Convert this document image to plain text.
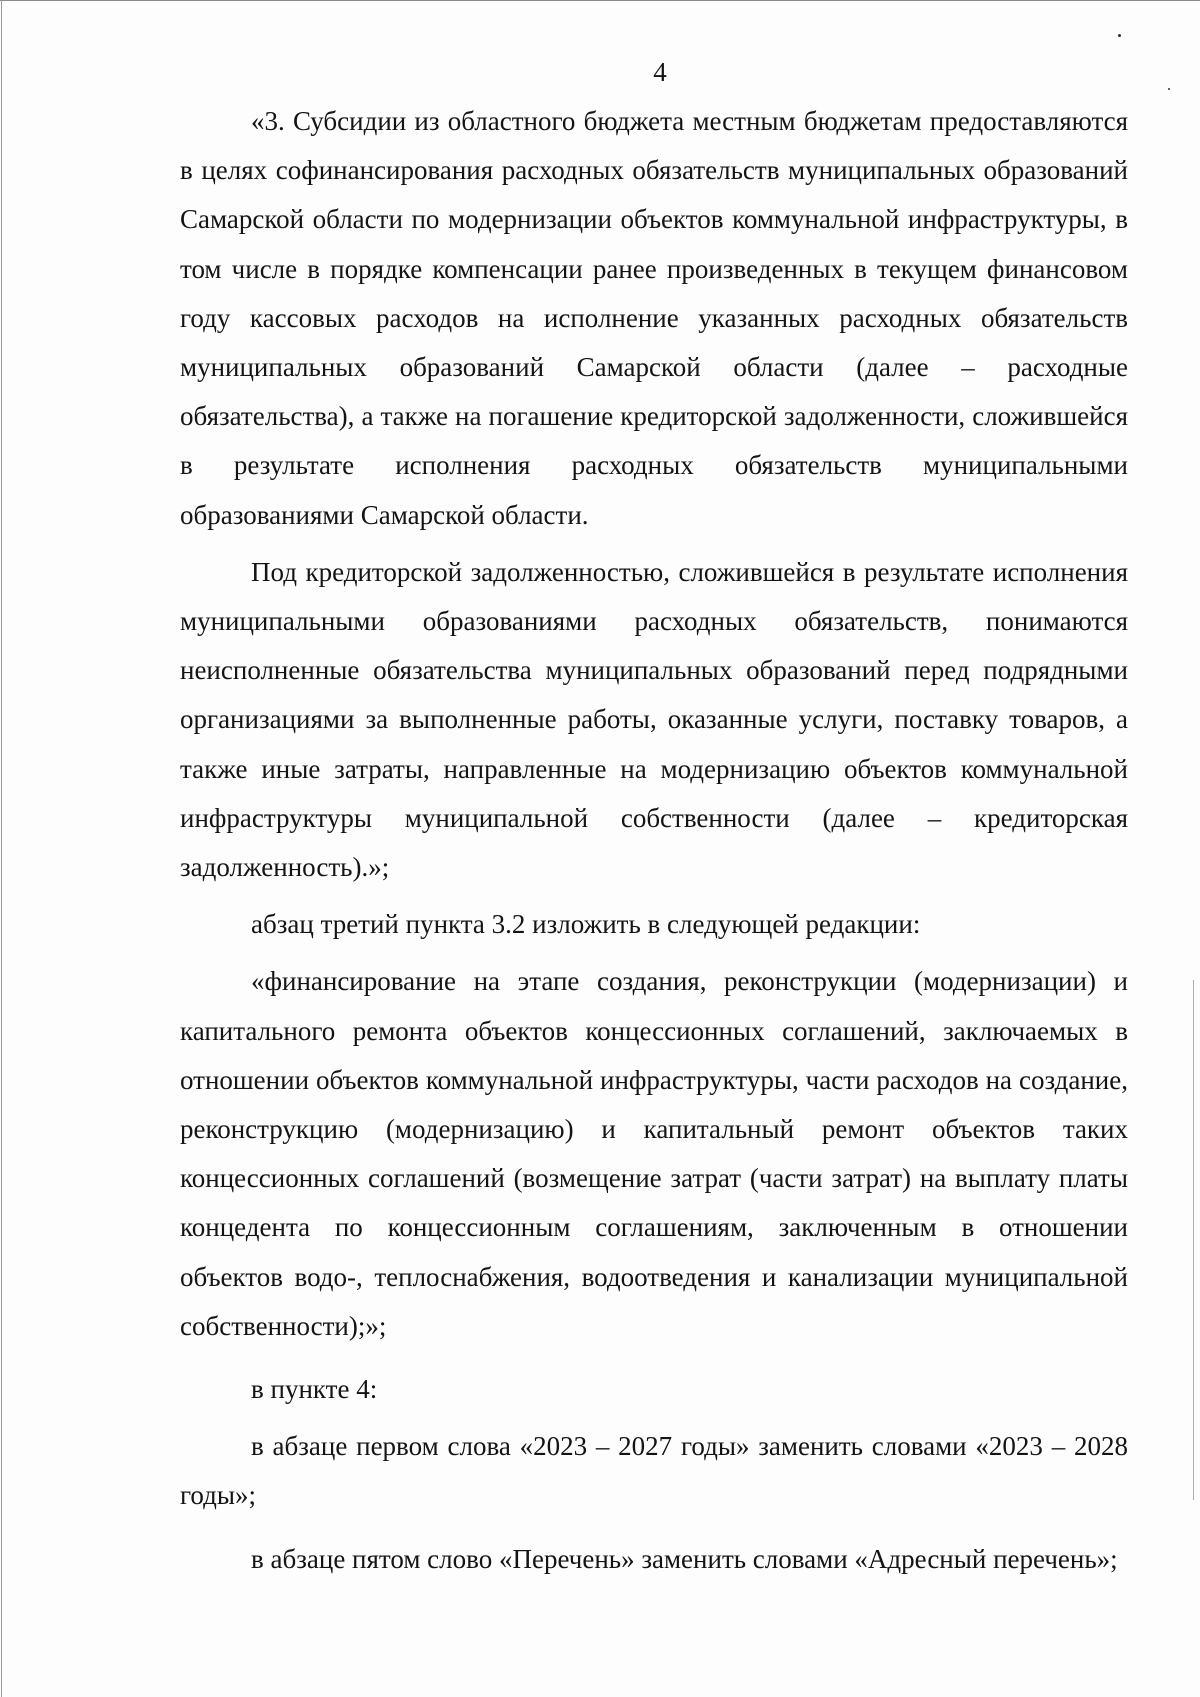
4

«3. Субсидии из областного бюджета местным бюджетам предоставляются в целях софинансирования расходных обязательств муниципальных образований Самарской области по модернизации объектов коммунальной инфраструктуры, в том числе в порядке компенсации ранее произведенных в текущем финансовом году кассовых расходов на исполнение указанных расходных обязательств муниципальных образований Самарской области (далее – расходные обязательства), а также на погашение кредиторской задолженности, сложившейся в результате исполнения расходных обязательств муниципальными образованиями Самарской области.

Под кредиторской задолженностью, сложившейся в результате исполнения муниципальными образованиями расходных обязательств, понимаются неисполненные обязательства муниципальных образований перед подрядными организациями за выполненные работы, оказанные услуги, поставку товаров, а также иные затраты, направленные на модернизацию объектов коммунальной инфраструктуры муниципальной собственности (далее – кредиторская задолженность).»;

абзац третий пункта 3.2 изложить в следующей редакции:

«финансирование на этапе создания, реконструкции (модернизации) и капитального ремонта объектов концессионных соглашений, заключаемых в отношении объектов коммунальной инфраструктуры, части расходов на создание, реконструкцию (модернизацию) и капитальный ремонт объектов таких концессионных соглашений (возмещение затрат (части затрат) на выплату платы концедента по концессионным соглашениям, заключенным в отношении объектов водо-, теплоснабжения, водоотведения и канализации муниципальной собственности);»;

в пункте 4:

в абзаце первом слова «2023 – 2027 годы» заменить словами «2023 – 2028 годы»;

в абзаце пятом слово «Перечень» заменить словами «Адресный перечень»;
